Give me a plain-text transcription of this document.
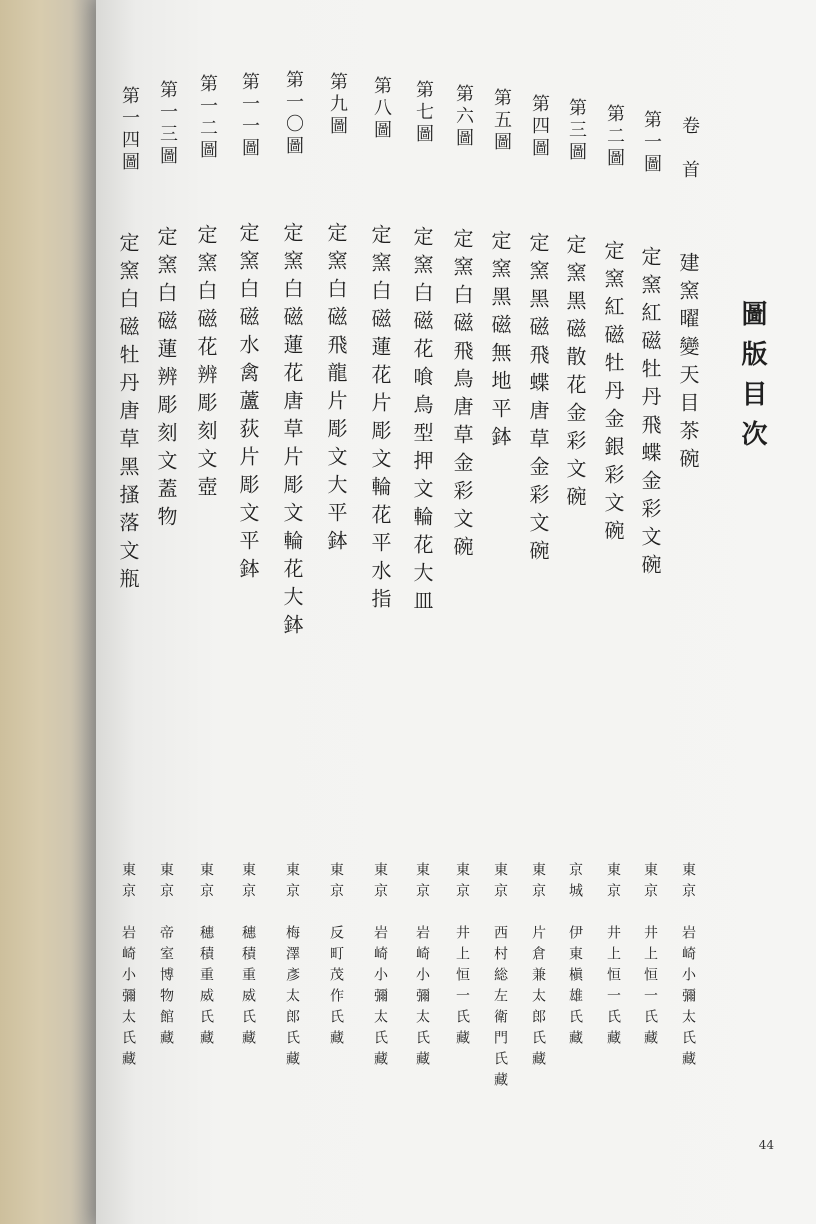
圖版目次
卷　首
建窯曜變天目茶碗
東京　岩崎小彌太氏藏
第一圖
定窯紅磁牡丹飛蝶金彩文碗
東京　井上恒一氏藏
第二圖
定窯紅磁牡丹金銀彩文碗
東京　井上恒一氏藏
第三圖
定窯黑磁散花金彩文碗
京城　伊東槇雄氏藏
第四圖
定窯黑磁飛蝶唐草金彩文碗
東京　片倉兼太郎氏藏
第五圖
定窯黑磁無地平鉢
東京　西村総左衛門氏藏
第六圖
定窯白磁飛鳥唐草金彩文碗
東京　井上恒一氏藏
第七圖
定窯白磁花喰鳥型押文輪花大皿
東京　岩崎小彌太氏藏
第八圖
定窯白磁蓮花片彫文輪花平水指
東京　岩崎小彌太氏藏
第九圖
定窯白磁飛龍片彫文大平鉢
東京　反町茂作氏藏
第一〇圖
定窯白磁蓮花唐草片彫文輪花大鉢
東京　梅澤彥太郎氏藏
第一一圖
定窯白磁水禽蘆荻片彫文平鉢
東京　穗積重威氏藏
第一二圖
定窯白磁花辨彫刻文壺
東京　穗積重威氏藏
第一三圖
定窯白磁蓮辨彫刻文蓋物
東京　帝室博物館藏
第一四圖
定窯白磁牡丹唐草黑搔落文瓶
東京　岩崎小彌太氏藏
44
